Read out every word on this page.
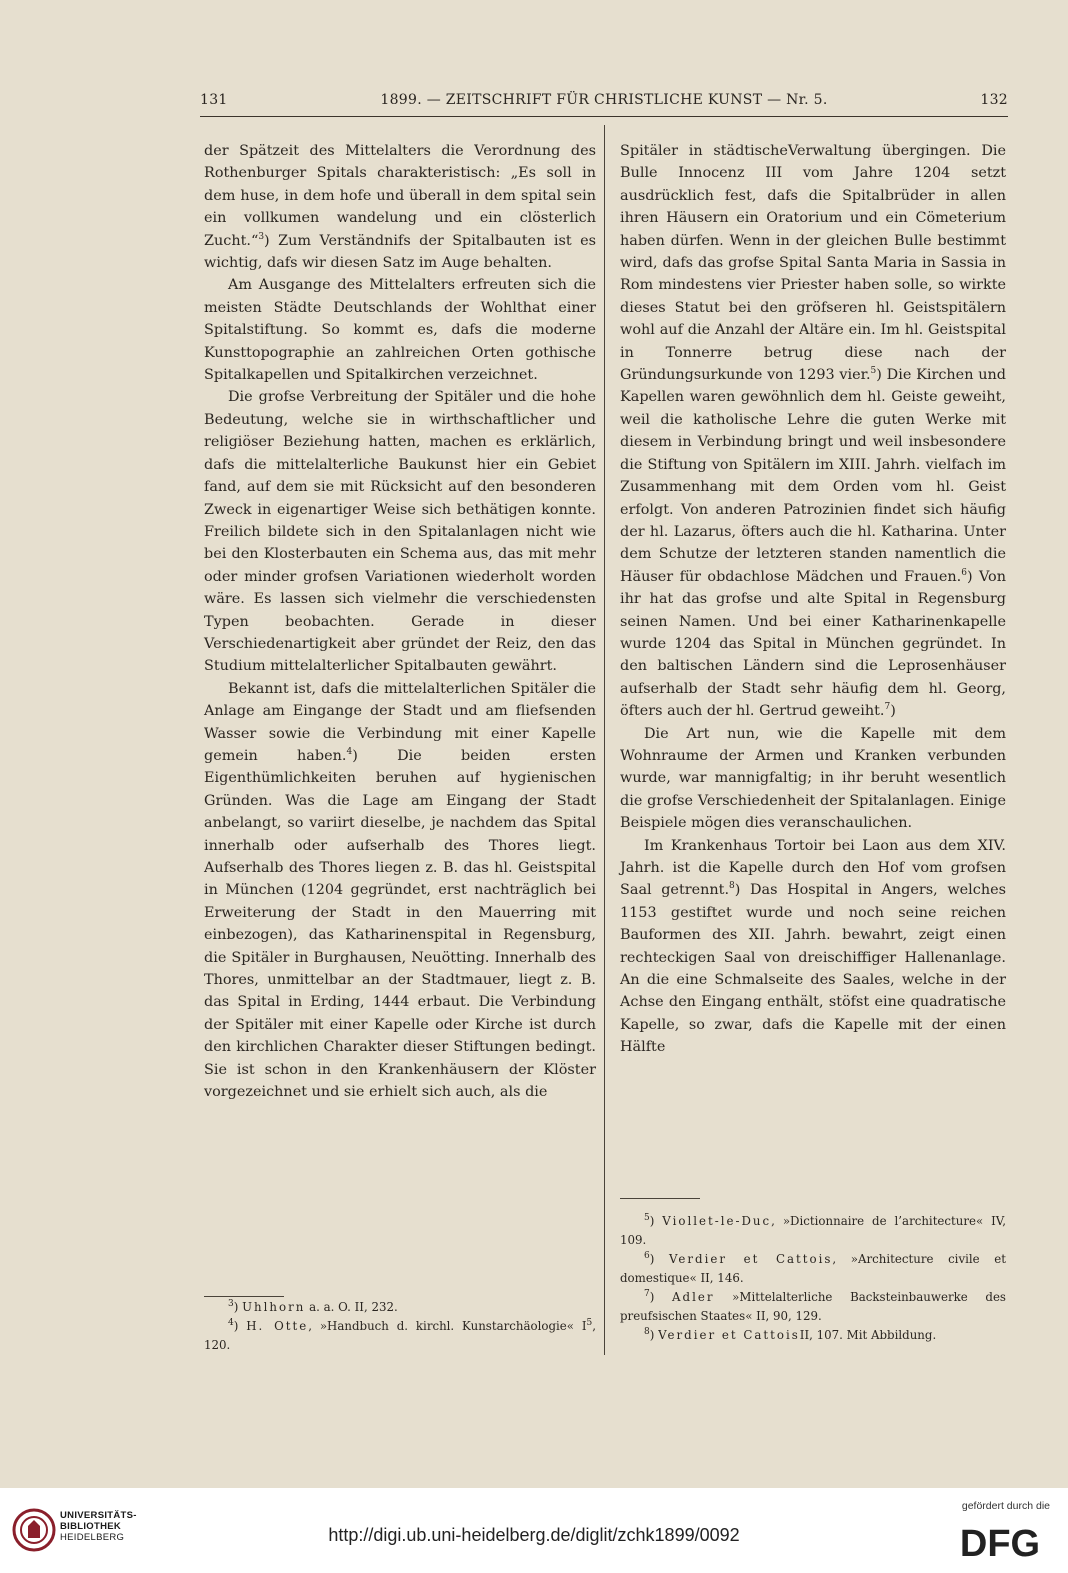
131	1899. — ZEITSCHRIFT FÜR CHRISTLICHE KUNST — Nr. 5.	132

der Spätzeit des Mittelalters die Verordnung des Rothenburger Spitals charakteristisch: „Es soll in dem huse, in dem hofe und überall in dem spital sein ein vollkumen wandelung und ein clösterlich Zucht.“$^3$) Zum Verständnifs der Spitalbauten ist es wichtig, dafs wir diesen Satz im Auge behalten.

Am Ausgange des Mittelalters erfreuten sich die meisten Städte Deutschlands der Wohlthat einer Spitalstiftung. So kommt es, dafs die moderne Kunsttopographie an zahlreichen Orten gothische Spitalkapellen und Spitalkirchen verzeichnet.

Die grofse Verbreitung der Spitäler und die hohe Bedeutung, welche sie in wirthschaftlicher und religiöser Beziehung hatten, machen es erklärlich, dafs die mittelalterliche Baukunst hier ein Gebiet fand, auf dem sie mit Rücksicht auf den besonderen Zweck in eigenartiger Weise sich bethätigen konnte. Freilich bildete sich in den Spitalanlagen nicht wie bei den Klosterbauten ein Schema aus, das mit mehr oder minder grofsen Variationen wiederholt worden wäre. Es lassen sich vielmehr die verschiedensten Typen beobachten. Gerade in dieser Verschiedenartigkeit aber gründet der Reiz, den das Studium mittelalterlicher Spitalbauten gewährt.

Bekannt ist, dafs die mittelalterlichen Spitäler die Anlage am Eingange der Stadt und am fliefsenden Wasser sowie die Verbindung mit einer Kapelle gemein haben.$^4$) Die beiden ersten Eigenthümlichkeiten beruhen auf hygienischen Gründen. Was die Lage am Eingang der Stadt anbelangt, so variirt dieselbe, je nachdem das Spital innerhalb oder aufserhalb des Thores liegt. Aufserhalb des Thores liegen z. B. das hl. Geistspital in München (1204 gegründet, erst nachträglich bei Erweiterung der Stadt in den Mauerring mit einbezogen), das Katharinenspital in Regensburg, die Spitäler in Burghausen, Neuötting. Innerhalb des Thores, unmittelbar an der Stadtmauer, liegt z. B. das Spital in Erding, 1444 erbaut. Die Verbindung der Spitäler mit einer Kapelle oder Kirche ist durch den kirchlichen Charakter dieser Stiftungen bedingt. Sie ist schon in den Krankenhäusern der Klöster vorgezeichnet und sie erhielt sich auch, als die

$^3$) Uhlhorn a. a. O. II, 232.

$^4$) H. Otte, »Handbuch d. kirchl. Kunstarchäologie« $I^5$, 120.

Spitäler in städtischeVerwaltung übergingen. Die Bulle Innocenz III vom Jahre 1204 setzt ausdrücklich fest, dafs die Spitalbrüder in allen ihren Häusern ein Oratorium und ein Cömeterium haben dürfen. Wenn in der gleichen Bulle bestimmt wird, dafs das grofse Spital Santa Maria in Sassia in Rom mindestens vier Priester haben solle, so wirkte dieses Statut bei den gröfseren hl. Geistspitälern wohl auf die Anzahl der Altäre ein. Im hl. Geistspital in Tonnerre betrug diese nach der Gründungsurkunde von 1293 vier.$^5$) Die Kirchen und Kapellen waren gewöhnlich dem hl. Geiste geweiht, weil die katholische Lehre die guten Werke mit diesem in Verbindung bringt und weil insbesondere die Stiftung von Spitälern im XIII. Jahrh. vielfach im Zusammenhang mit dem Orden vom hl. Geist erfolgt. Von anderen Patrozinien findet sich häufig der hl. Lazarus, öfters auch die hl. Katharina. Unter dem Schutze der letzteren standen namentlich die Häuser für obdachlose Mädchen und Frauen.$^6$) Von ihr hat das grofse und alte Spital in Regensburg seinen Namen. Und bei einer Katharinenkapelle wurde 1204 das Spital in München gegründet. In den baltischen Ländern sind die Leprosenhäuser aufserhalb der Stadt sehr häufig dem hl. Georg, öfters auch der hl. Gertrud geweiht.$^7$)

Die Art nun, wie die Kapelle mit dem Wohnraume der Armen und Kranken verbunden wurde, war mannigfaltig; in ihr beruht wesentlich die grofse Verschiedenheit der Spitalanlagen. Einige Beispiele mögen dies veranschaulichen.

Im Krankenhaus Tortoir bei Laon aus dem XIV. Jahrh. ist die Kapelle durch den Hof vom grofsen Saal getrennt.$^8$) Das Hospital in Angers, welches 1153 gestiftet wurde und noch seine reichen Bauformen des XII. Jahrh. bewahrt, zeigt einen rechteckigen Saal von dreischiffiger Hallenanlage. An die eine Schmalseite des Saales, welche in der Achse den Eingang enthält, stöfst eine quadratische Kapelle, so zwar, dafs die Kapelle mit der einen Hälfte

$^5$) Viollet-le-Duc, »Dictionnaire de l’architecture« IV, 109.

$^6$) Verdier et Cattois, »Architecture civile et domestique« II, 146.

$^7$) Adler »Mittelalterliche Backsteinbauwerke des preufsischen Staates« II, 90, 129.

$^8$) Verdier et CattoisII, 107. Mit Abbildung.

UNIVERSITÄTS-
BIBLIOTHEK
HEIDELBERG	http://digi.ub.uni-heidelberg.de/diglit/zchk1899/0092
gefördert durch die
DFG
